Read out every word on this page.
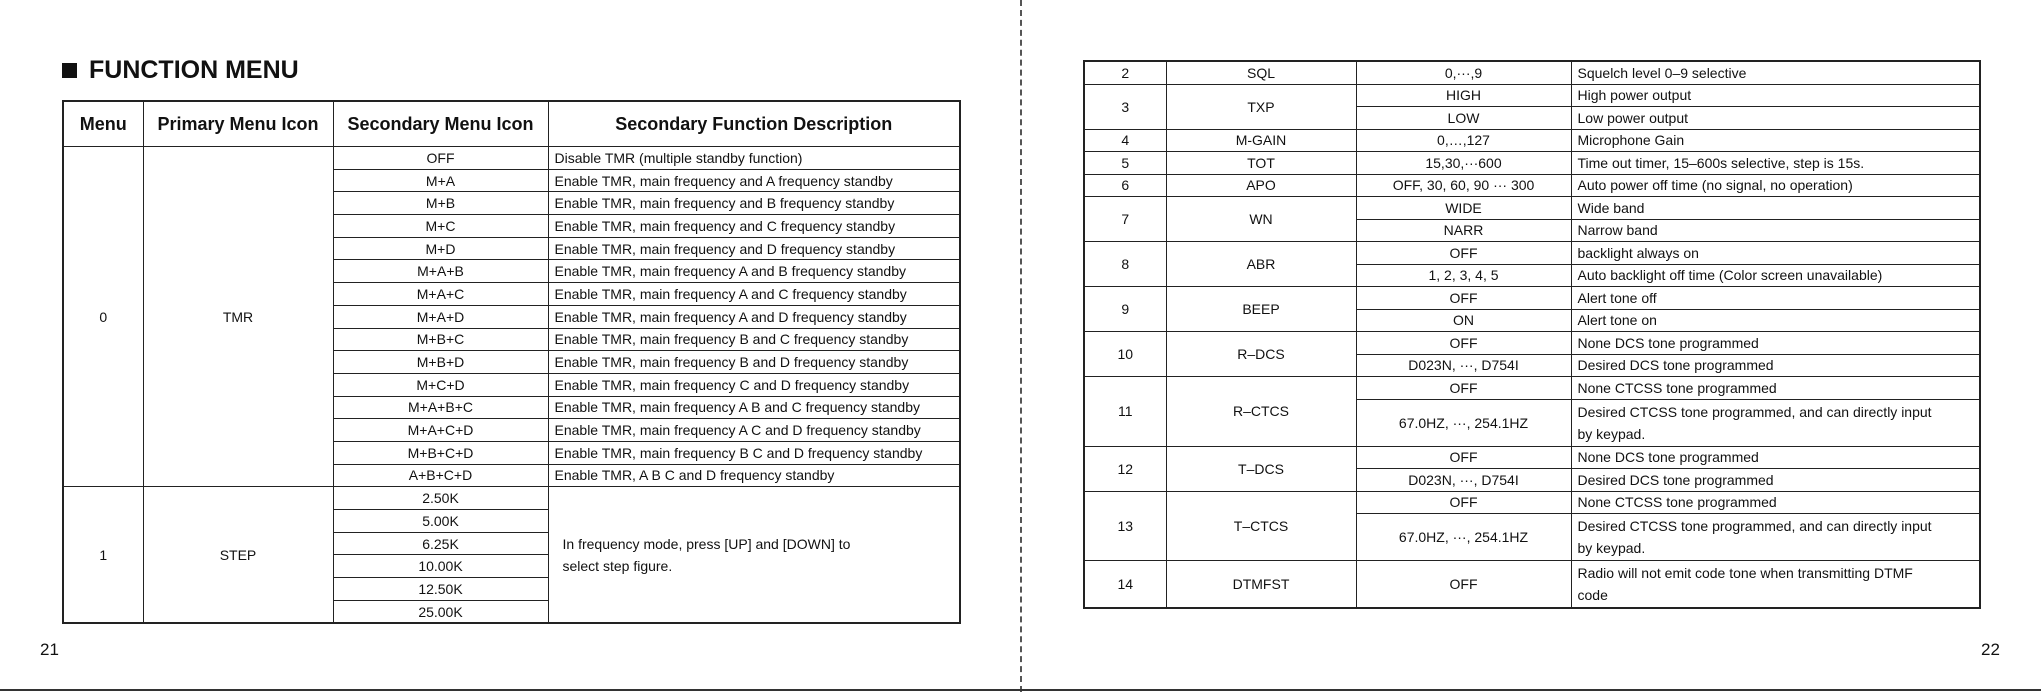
FUNCTION MENU
Menu	Primary Menu Icon	Secondary Menu Icon	Secondary Function Description
0	TMR	OFF	Disable TMR (multiple standby function)
		M+A	Enable TMR, main frequency and A frequency standby
		M+B	Enable TMR, main frequency and B frequency standby
		M+C	Enable TMR, main frequency and C frequency standby
		M+D	Enable TMR, main frequency and D frequency standby
		M+A+B	Enable TMR, main frequency A and B frequency standby
		M+A+C	Enable TMR, main frequency A and C frequency standby
		M+A+D	Enable TMR, main frequency A and D frequency standby
		M+B+C	Enable TMR, main frequency B and C frequency standby
		M+B+D	Enable TMR, main frequency B and D frequency standby
		M+C+D	Enable TMR, main frequency C and D frequency standby
		M+A+B+C	Enable TMR, main frequency A B and C frequency standby
		M+A+C+D	Enable TMR, main frequency A C and D frequency standby
		M+B+C+D	Enable TMR, main frequency B C and D frequency standby
		A+B+C+D	Enable TMR, A B C and D frequency standby
1	STEP	2.50K	In frequency mode, press [UP] and [DOWN] to
select step figure.

		5.00K	
		6.25K	
		10.00K	
		12.50K	
		25.00K	
21
2	SQL	0,···,9	Squelch level 0–9 selective

3	TXP	HIGH	High power output

		LOW	Low power output

4	M-GAIN	0,…,127	Microphone Gain

5	TOT	15,30,···600	Time out timer, 15–600s selective, step is 15s.

6	APO	OFF, 30, 60, 90 ··· 300	Auto power off time (no signal, no operation)

7	WN	WIDE	Wide band

		NARR	Narrow band

8	ABR	OFF	backlight always on

		1, 2, 3, 4, 5	Auto backlight off time (Color screen unavailable)

9	BEEP	OFF	Alert tone off

		ON	Alert tone on

10	R–DCS	OFF	None DCS tone programmed

		D023N, ···, D754I	Desired DCS tone programmed

11	R–CTCS	OFF	None CTCSS tone programmed

		67.0HZ, ···, 254.1HZ	Desired CTCSS tone programmed, and can directly input
by keypad.

12	T–DCS	OFF	None DCS tone programmed

		D023N, ···, D754I	Desired DCS tone programmed

13	T–CTCS	OFF	None CTCSS tone programmed

		67.0HZ, ···, 254.1HZ	Desired CTCSS tone programmed, and can directly input
by keypad.

14	DTMFST	OFF	Radio will not emit code tone when transmitting DTMF
code
22
